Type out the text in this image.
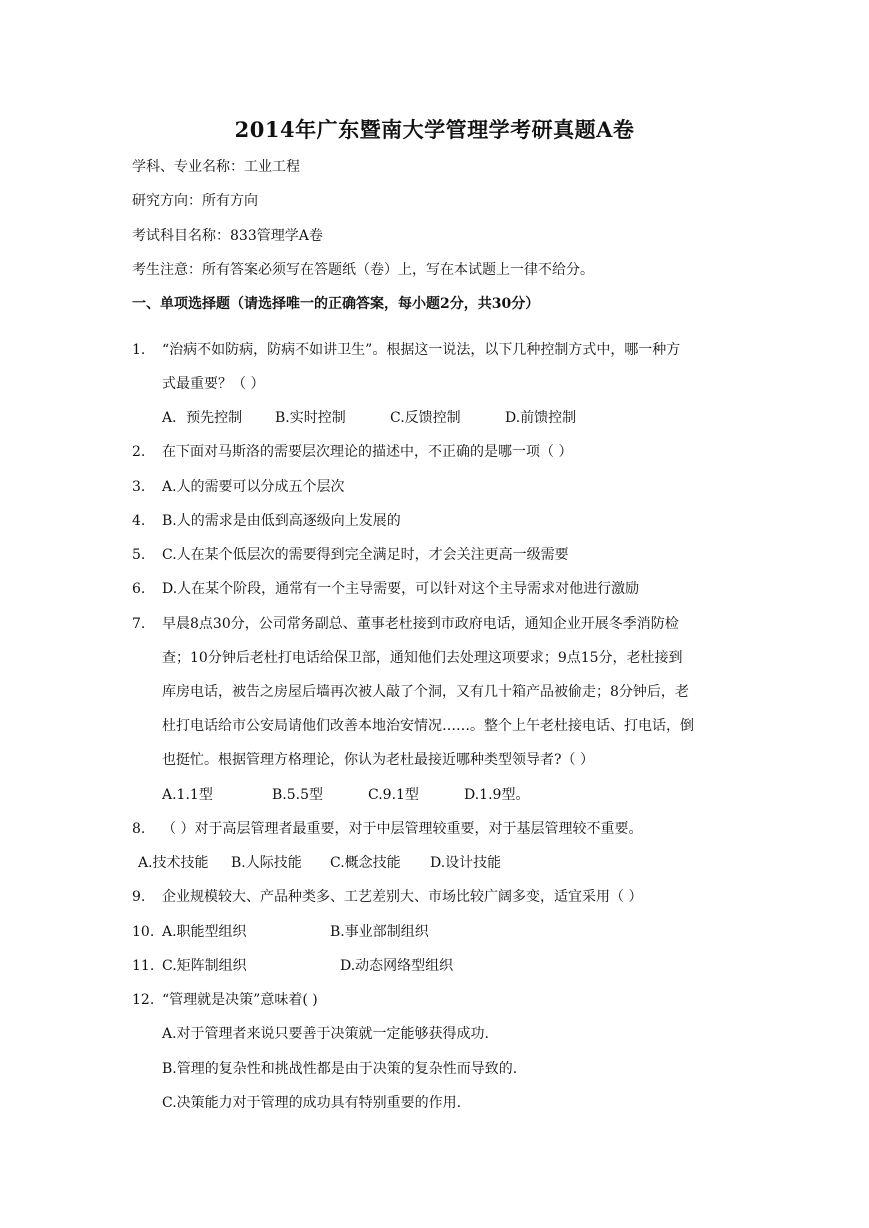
2014年广东暨南大学管理学考研真题A卷
学科、专业名称：工业工程
研究方向：所有方向
考试科目名称：833管理学A卷
考生注意：所有答案必须写在答题纸（卷）上，写在本试题上一律不给分。
一、单项选择题（请选择唯一的正确答案，每小题2分，共30分）
1. “治病不如防病，防病不如讲卫生”。根据这一说法，以下几种控制方式中，哪一种方
式最重要？（ ）
A．预先控制 B.实时控制	C.反馈控制	D.前馈控制
2. 在下面对马斯洛的需要层次理论的描述中，不正确的是哪一项（ ）
3. A.人的需要可以分成五个层次
4. B.人的需求是由低到高逐级向上发展的
5. C.人在某个低层次的需要得到完全满足时，才会关注更高一级需要
6. D.人在某个阶段，通常有一个主导需要，可以针对这个主导需求对他进行激励
7. 早晨8点30分，公司常务副总、董事老杜接到市政府电话，通知企业开展冬季消防检
查；10分钟后老杜打电话给保卫部，通知他们去处理这项要求；9点15分，老杜接到
库房电话，被告之房屋后墙再次被人敲了个洞，又有几十箱产品被偷走；8分钟后，老
杜打电话给市公安局请他们改善本地治安情况……。整个上午老杜接电话、打电话，倒
也挺忙。根据管理方格理论，你认为老杜最接近哪种类型领导者?（ ）
A.1.1型	B.5.5型	C.9.1型	D.1.9型。
8. （ ）对于高层管理者最重要，对于中层管理较重要，对于基层管理较不重要。
A.技术技能 B.人际技能 C.概念技能 D.设计技能
9. 企业规模较大、产品种类多、工艺差别大、市场比较广阔多变，适宜采用（ ）
10. A.职能型组织	B.事业部制组织
11. C.矩阵制组织	D.动态网络型组织
12. “管理就是决策”意味着( )
A.对于管理者来说只要善于决策就一定能够获得成功.
B.管理的复杂性和挑战性都是由于决策的复杂性而导致的.
C.决策能力对于管理的成功具有特别重要的作用.
